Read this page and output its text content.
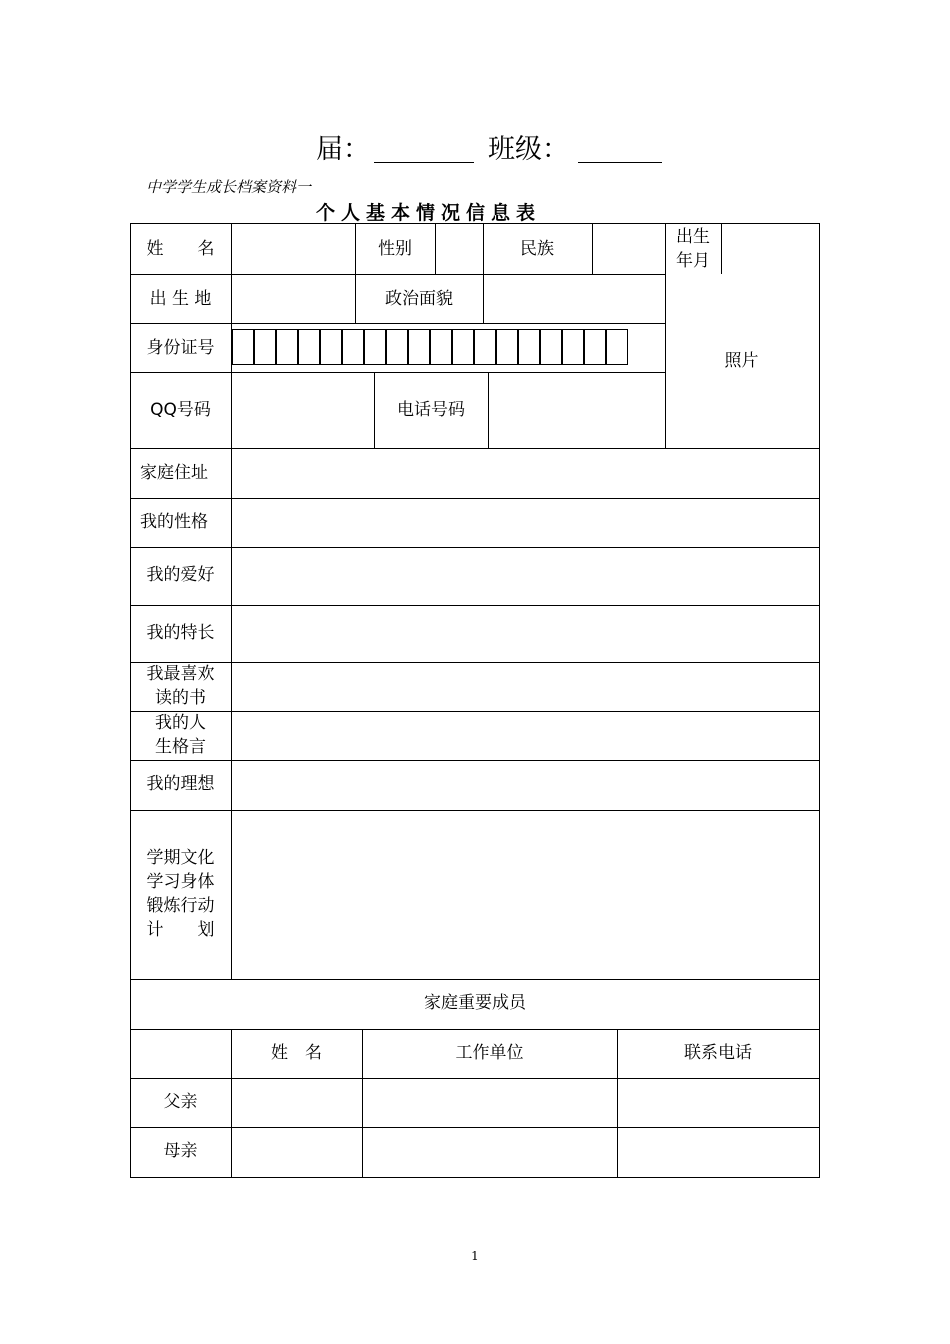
届：	班级：
中学学生成长档案资料一
个人基本情况信息表
姓　　名	性别	民族
出生
年月
出 生 地	政治面貌
照片
身份证号
QQ号码	电话号码
家庭住址
我的性格
我的爱好
我的特长
我最喜欢
读的书
我的人
生格言
我的理想
学期文化
学习身体
锻炼行动
计　　划
家庭重要成员
姓　名	工作单位	联系电话
父亲
母亲
1
